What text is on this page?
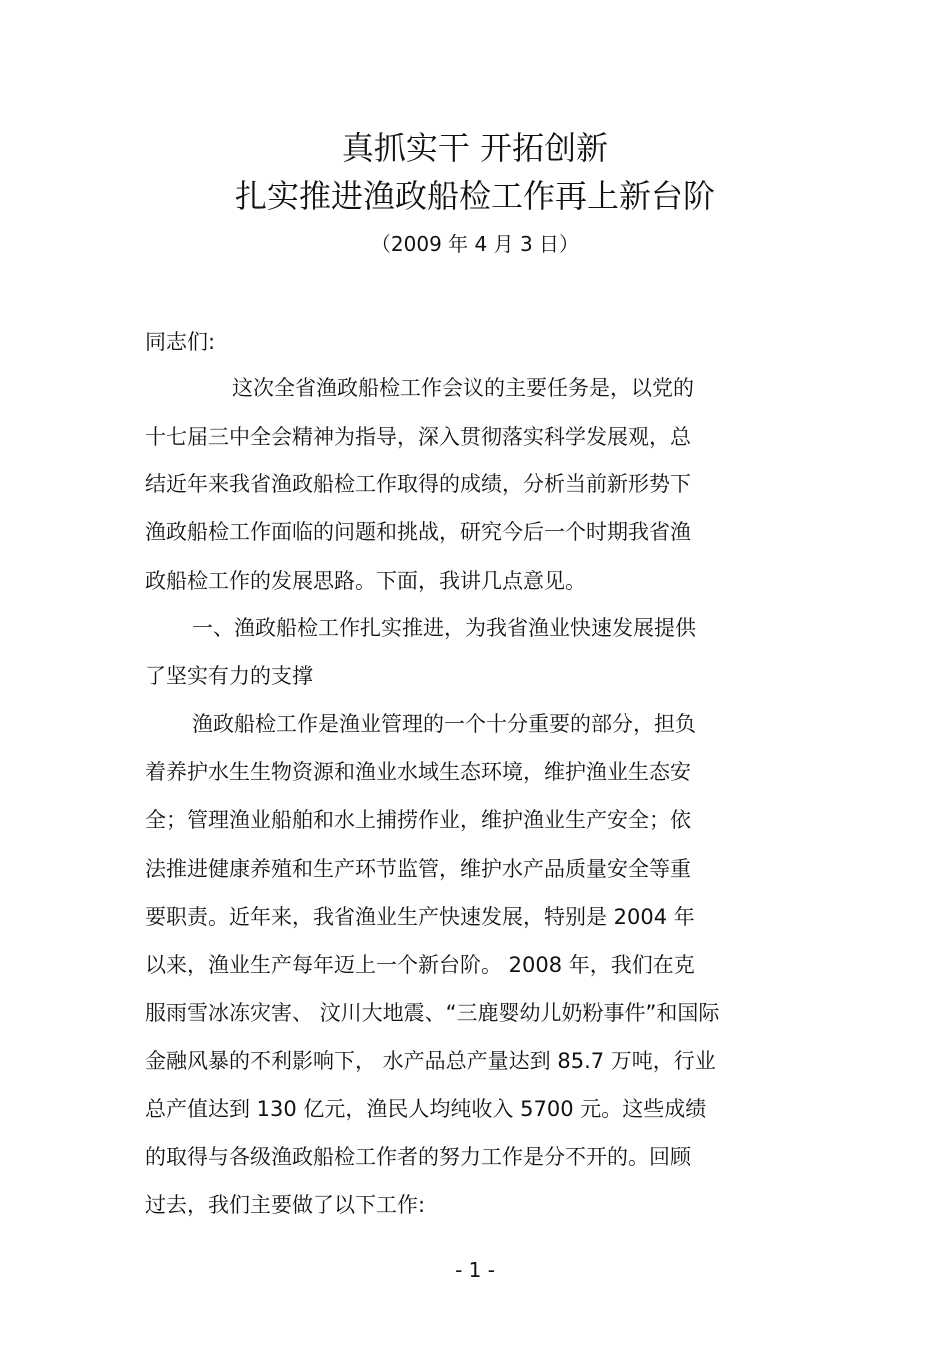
真抓实干 开拓创新
扎实推进渔政船检工作再上新台阶
（2009 年 4 月 3 日）
同志们:
这次全省渔政船检工作会议的主要任务是，以党的
十七届三中全会精神为指导，深入贯彻落实科学发展观，总
结近年来我省渔政船检工作取得的成绩，分析当前新形势下
渔政船检工作面临的问题和挑战，研究今后一个时期我省渔
政船检工作的发展思路。下面，我讲几点意见。
一、渔政船检工作扎实推进，为我省渔业快速发展提供
了坚实有力的支撑
渔政船检工作是渔业管理的一个十分重要的部分，担负
着养护水生生物资源和渔业水域生态环境，维护渔业生态安
全；管理渔业船舶和水上捕捞作业，维护渔业生产安全；依
法推进健康养殖和生产环节监管，维护水产品质量安全等重
要职责。近年来，我省渔业生产快速发展，特别是 2004 年
以来，渔业生产每年迈上一个新台阶。 2008 年，我们在克
服雨雪冰冻灾害、 汶川大地震、“三鹿婴幼儿奶粉事件”和国际
金融风暴的不利影响下， 水产品总产量达到 85.7 万吨，行业
总产值达到 130 亿元，渔民人均纯收入 5700 元。这些成绩
的取得与各级渔政船检工作者的努力工作是分不开的。回顾
过去，我们主要做了以下工作:
- 1 -
